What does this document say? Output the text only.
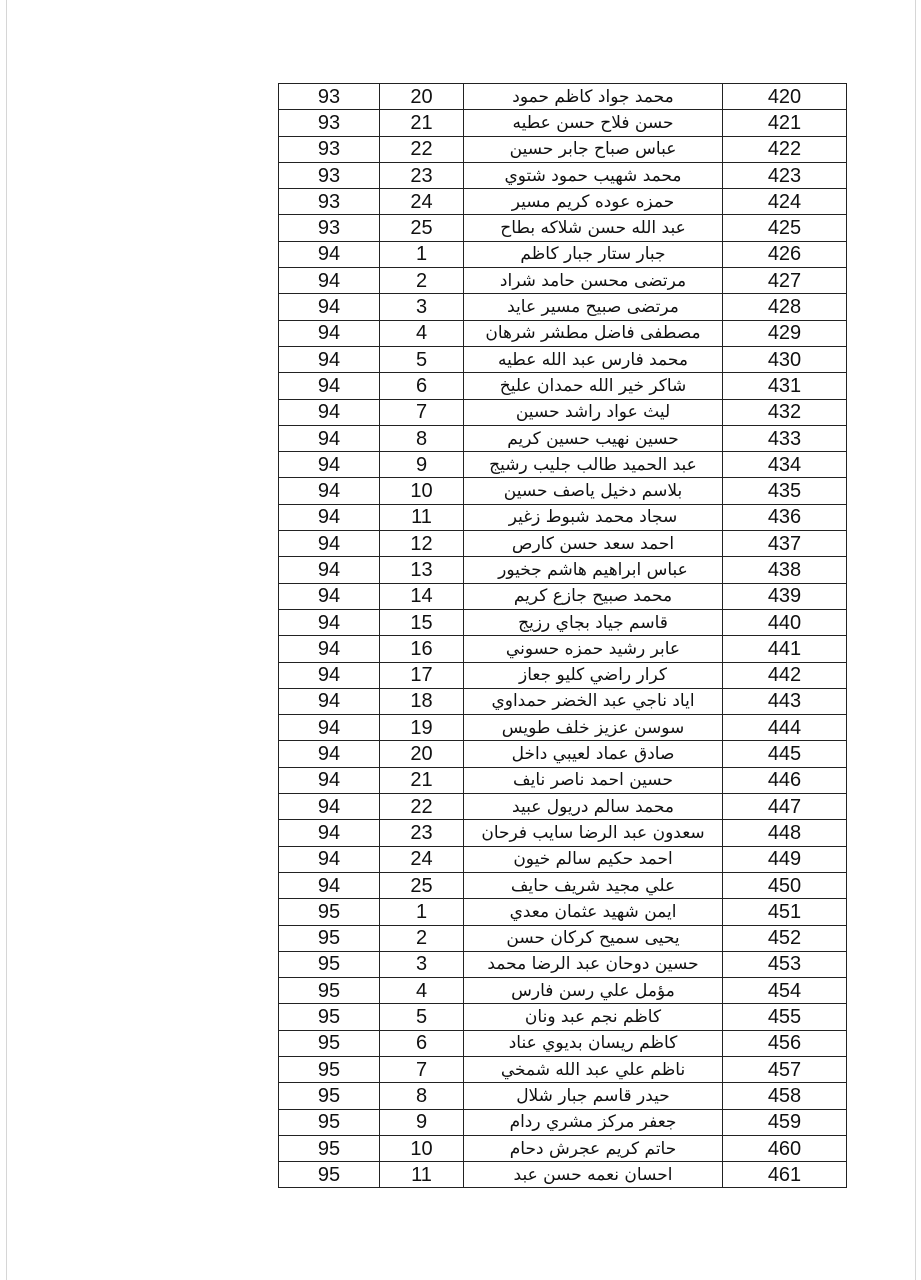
93	20	محمد جواد كاظم حمود	420
93	21	حسن فلاح حسن عطيه	421
93	22	عباس صباح جابر حسين	422
93	23	محمد شهيب حمود شتوي	423
93	24	حمزه عوده كريم مسير	424
93	25	عبد الله حسن شلاكه بطاح	425
94	1	جبار ستار جبار كاظم	426
94	2	مرتضى محسن حامد شراد	427
94	3	مرتضى صبيح مسير عايد	428
94	4	مصطفى فاضل مطشر شرهان	429
94	5	محمد فارس عبد الله عطيه	430
94	6	شاكر خير الله حمدان عليخ	431
94	7	ليث عواد راشد حسين	432
94	8	حسين نهيب حسين كريم	433
94	9	عبد الحميد طالب جليب رشيج	434
94	10	بلاسم دخيل ياصف حسين	435
94	11	سجاد محمد شبوط زغير	436
94	12	احمد سعد حسن كارص	437
94	13	عباس ابراهيم هاشم جخيور	438
94	14	محمد صبيح جازع كريم	439
94	15	قاسم جياد بجاي رزيج	440
94	16	عابر رشيد حمزه حسوني	441
94	17	كرار راضي كليو جعاز	442
94	18	اياد ناجي عبد الخضر حمداوي	443
94	19	سوسن عزيز خلف طويس	444
94	20	صادق عماد لعيبي داخل	445
94	21	حسين احمد ناصر نايف	446
94	22	محمد سالم دريول عبيد	447
94	23	سعدون عبد الرضا سايب فرحان	448
94	24	احمد حكيم سالم خيون	449
94	25	علي مجيد شريف حايف	450
95	1	ايمن شهيد عثمان معدي	451
95	2	يحيى سميح كركان حسن	452
95	3	حسين دوحان عبد الرضا محمد	453
95	4	مؤمل علي رسن فارس	454
95	5	كاظم نجم عبد ونان	455
95	6	كاظم ريسان بديوي عناد	456
95	7	ناظم علي عبد الله شمخي	457
95	8	حيدر قاسم جبار شلال	458
95	9	جعفر مركز مشري ردام	459
95	10	حاتم كريم عجرش دحام	460
95	11	احسان نعمه حسن عبد	461
